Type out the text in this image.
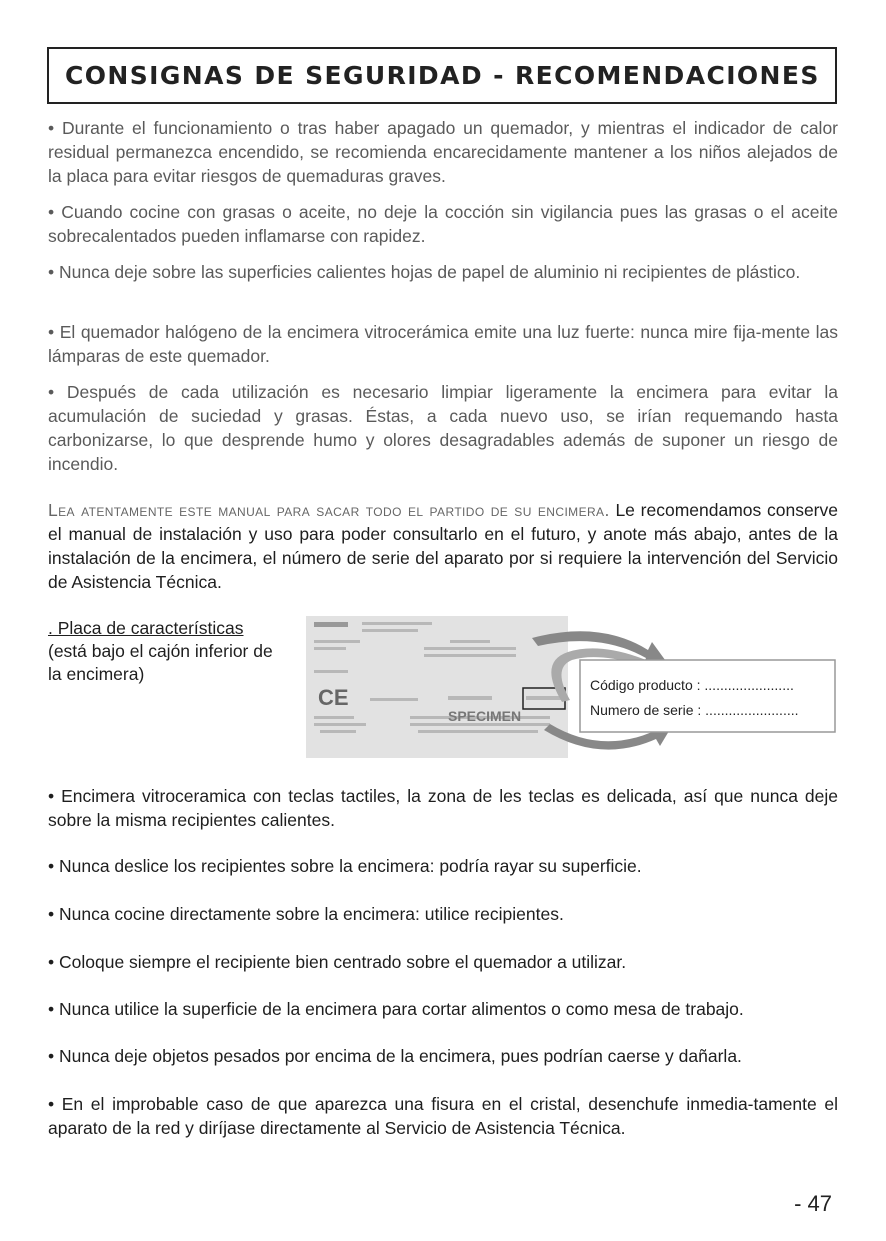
CONSIGNAS DE SEGURIDAD - RECOMENDACIONES

• Durante el funcionamiento o tras haber apagado un quemador, y mientras el indicador de calor residual permanezca encendido, se recomienda encarecidamente mantener a los niños alejados de la placa para evitar riesgos de quemaduras graves.

• Cuando cocine con grasas o aceite, no deje la cocción sin vigilancia pues las grasas o el aceite sobrecalentados pueden inflamarse con rapidez.

• Nunca deje sobre las superficies calientes hojas de papel de aluminio ni recipientes de plástico.

• El quemador halógeno de la encimera vitrocerámica emite una luz fuerte: nunca mire fija-mente las lámparas de este quemador.

• Después de cada utilización es necesario limpiar ligeramente la encimera para evitar la acumulación de suciedad y grasas. Éstas, a cada nuevo uso, se irían requemando hasta carbonizarse, lo que desprende humo y olores desagradables además de suponer un riesgo de incendio.

Lea atentamente este manual para sacar todo el partido de su encimera. Le recomendamos conserve el manual de instalación y uso para poder consultarlo en el futuro, y anote más abajo, antes de la instalación de la encimera, el número de serie del aparato por si requiere la intervención del Servicio de Asistencia Técnica.

. Placa de características
(está bajo el cajón inferior de la encimera)
CE
SPECIMEN
Código producto : .......................
Numero de serie : ........................

• Encimera vitroceramica con teclas tactiles, la zona de les teclas es delicada, así que nunca deje sobre la misma recipientes calientes.

• Nunca deslice los recipientes sobre la encimera: podría rayar su superficie.

• Nunca cocine directamente sobre la encimera: utilice recipientes.

• Coloque siempre el recipiente bien centrado sobre el quemador a utilizar.

• Nunca utilice la superficie de la encimera para cortar alimentos o como mesa de trabajo.

• Nunca deje objetos pesados por encima de la encimera, pues podrían caerse y dañarla.

• En el improbable caso de que aparezca una fisura en el cristal, desenchufe inmedia-tamente el aparato de la red y diríjase directamente al Servicio de Asistencia Técnica.

- 47
